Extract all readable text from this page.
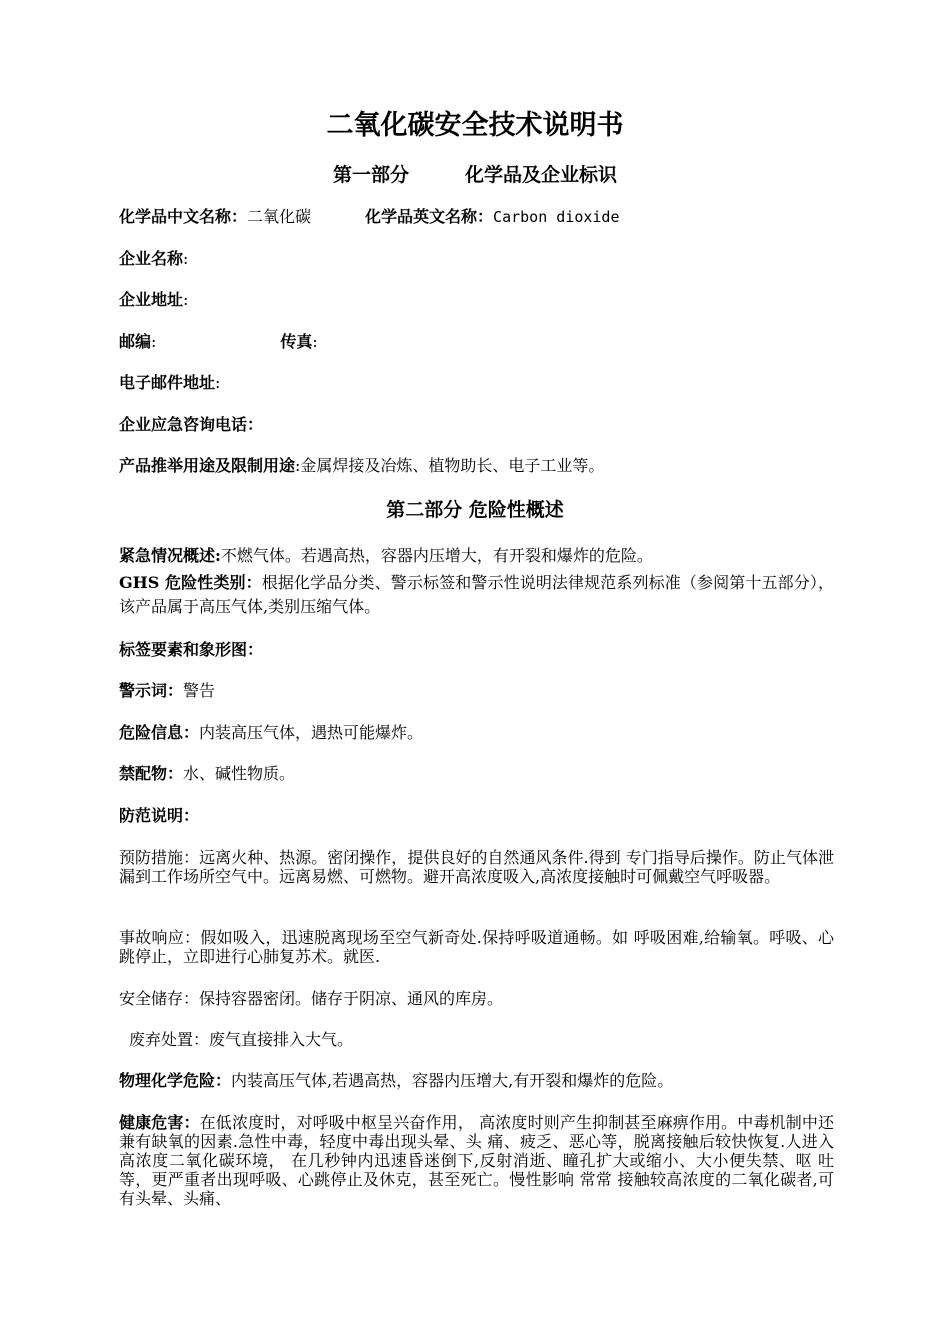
二氧化碳安全技术说明书
第一部分	化学品及企业标识
化学品中文名称：二氧化碳	化学品英文名称：Carbon dioxide
企业名称:
企业地址:
邮编:	传真:
电子邮件地址:
企业应急咨询电话：
产品推举用途及限制用途:金属焊接及冶炼、植物助长、电子工业等。
第二部分 危险性概述
紧急情况概述:不燃气体。若遇高热，容器内压增大，有开裂和爆炸的危险。
GHS 危险性类别：根据化学品分类、警示标签和警示性说明法律规范系列标准（参阅第十五部分），该产品属于高压气体,类别压缩气体。
标签要素和象形图：
警示词：警告
危险信息：内装高压气体，遇热可能爆炸。
禁配物：水、碱性物质。
防范说明：
预防措施：远离火种、热源。密闭操作，提供良好的自然通风条件.得到 专门指导后操作。防止气体泄漏到工作场所空气中。远离易燃、可燃物。避开高浓度吸入,高浓度接触时可佩戴空气呼吸器。
事故响应：假如吸入，迅速脱离现场至空气新奇处.保持呼吸道通畅。如 呼吸困难,给输氧。呼吸、心跳停止，立即进行心肺复苏术。就医.
安全储存：保持容器密闭。储存于阴凉、通风的库房。
废弃处置：废气直接排入大气。
物理化学危险：内装高压气体,若遇高热，容器内压增大,有开裂和爆炸的危险。
健康危害：在低浓度时，对呼吸中枢呈兴奋作用， 高浓度时则产生抑制甚至麻痹作用。中毒机制中还兼有缺氧的因素.急性中毒，轻度中毒出现头晕、头 痛、疲乏、恶心等，脱离接触后较快恢复.人进入高浓度二氧化碳环境， 在几秒钟内迅速昏迷倒下,反射消逝、瞳孔扩大或缩小、大小便失禁、呕 吐等，更严重者出现呼吸、心跳停止及休克，甚至死亡。慢性影响 常常 接触较高浓度的二氧化碳者,可有头晕、头痛、
